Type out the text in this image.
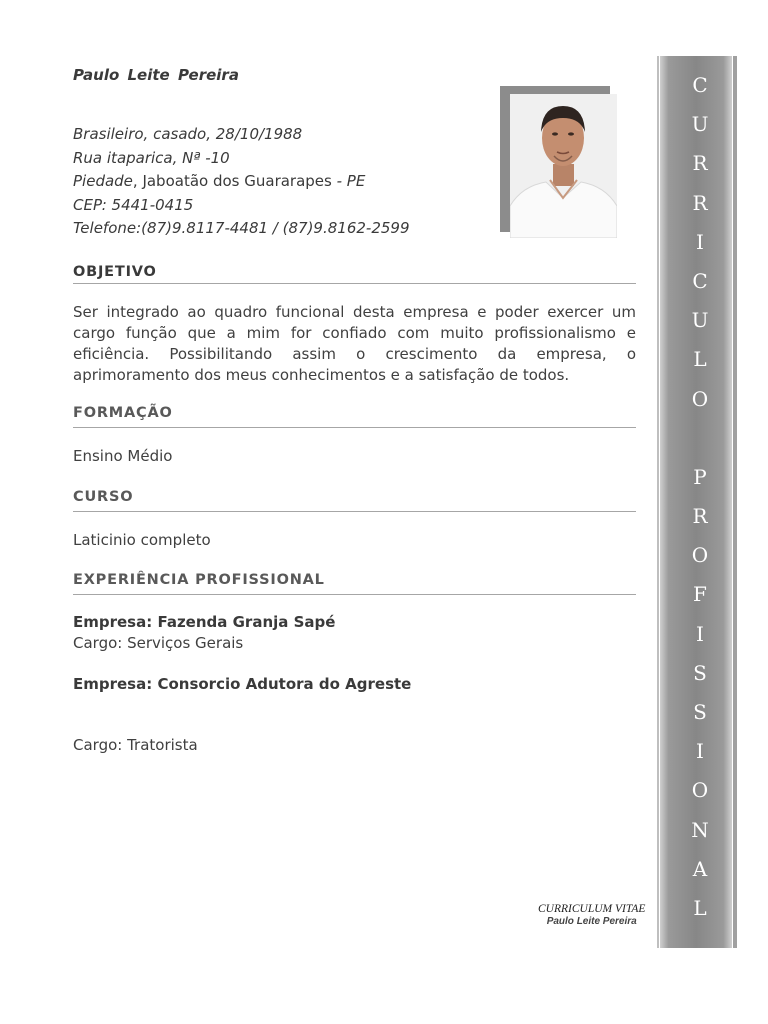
Paulo Leite Pereira
Brasileiro, casado, 28/10/1988
Rua itaparica, Nª -10
Piedade, Jaboatão dos Guararapes - PE
CEP: 5441-0415
Telefone:(87)9.8117-4481 / (87)9.8162-2599
OBJETIVO
Ser integrado ao quadro funcional desta empresa e poder exercer um cargo função que a mim for confiado com muito profissionalismo e eficiência. Possibilitando assim o crescimento da empresa, o aprimoramento dos meus conhecimentos e a satisfação de todos.
FORMAÇÃO
Ensino Médio
CURSO
Laticinio completo
EXPERIÊNCIA PROFISSIONAL
Empresa: Fazenda Granja Sapé
Cargo: Serviços Gerais
Empresa: Consorcio Adutora do Agreste
Cargo: Tratorista
C
U
R
R
I
C
U
L
O

P
R
O
F
I
S
S
I
O
N
A
L
CURRICULUM VITAE
Paulo Leite Pereira
